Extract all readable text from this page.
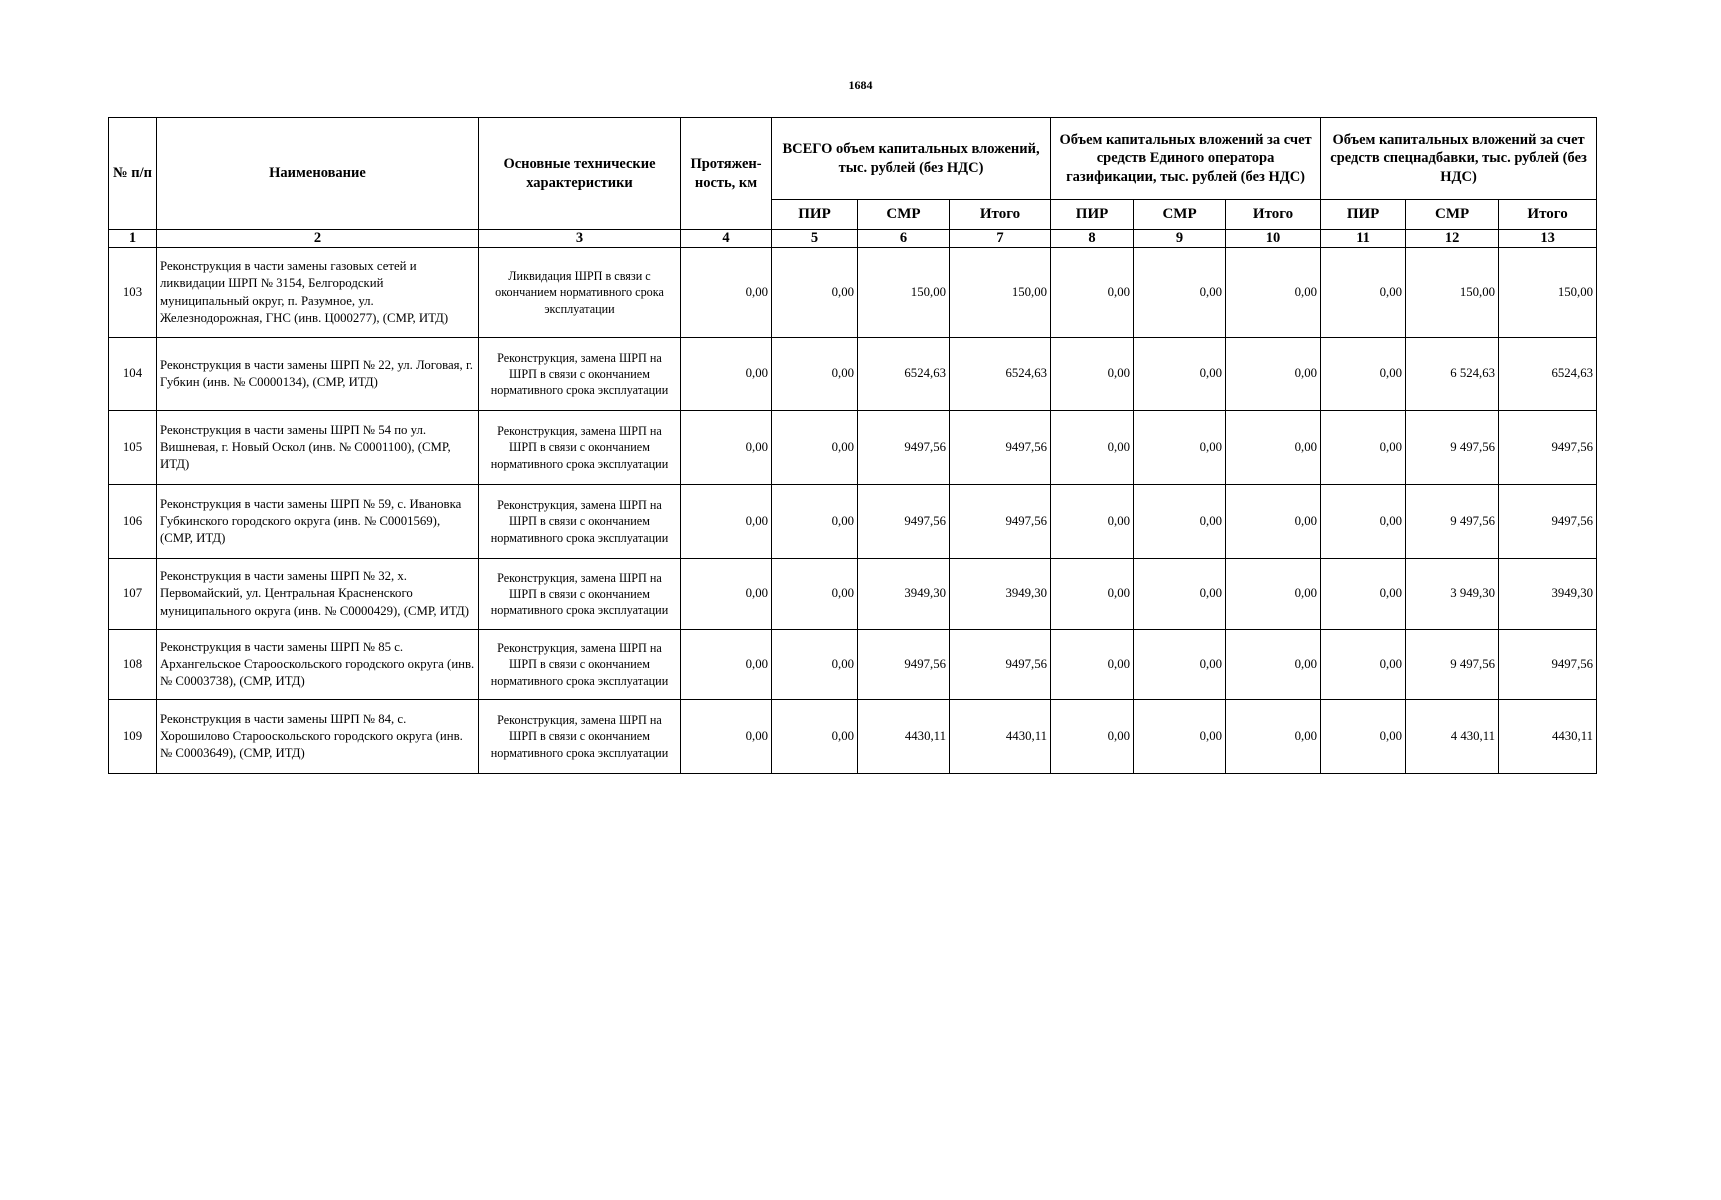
1684
№ п/п	Наименование	Основные технические характеристики	Протяжен-ность, км	ВСЕГО объем капитальных вложений, тыс. рублей (без НДС)			Объем капитальных вложений за счет средств Единого оператора газификации, тыс. рублей (без НДС)			Объем капитальных вложений за счет средств спецнадбавки, тыс. рублей (без НДС)		
				ПИР	СМР	Итого	ПИР	СМР	Итого	ПИР	СМР	Итого
1	2	3	4	5	6	7	8	9	10	11	12	13
103	Реконструкция в части замены газовых сетей и ликвидации ШРП № 3154, Белгородский муниципальный округ, п. Разумное, ул. Железнодорожная, ГНС (инв. Ц000277), (СМР, ИТД)	Ликвидация ШРП в связи с окончанием нормативного срока эксплуатации	0,00	0,00	150,00	150,00	0,00	0,00	0,00	0,00	150,00	150,00
104	Реконструкция в части замены ШРП № 22, ул. Логовая, г. Губкин (инв. № С0000134), (СМР, ИТД)	Реконструкция, замена ШРП на ШРП в связи с окончанием нормативного срока эксплуатации	0,00	0,00	6524,63	6524,63	0,00	0,00	0,00	0,00	6 524,63	6524,63
105	Реконструкция в части замены ШРП № 54 по ул. Вишневая, г. Новый Оскол (инв. № С0001100), (СМР, ИТД)	Реконструкция, замена ШРП на ШРП в связи с окончанием нормативного срока эксплуатации	0,00	0,00	9497,56	9497,56	0,00	0,00	0,00	0,00	9 497,56	9497,56
106	Реконструкция в части замены ШРП № 59, с. Ивановка Губкинского городского округа (инв. № С0001569), (СМР, ИТД)	Реконструкция, замена ШРП на ШРП в связи с окончанием нормативного срока эксплуатации	0,00	0,00	9497,56	9497,56	0,00	0,00	0,00	0,00	9 497,56	9497,56
107	Реконструкция в части замены ШРП № 32, х. Первомайский, ул. Центральная Красненского муниципального округа (инв. № С0000429), (СМР, ИТД)	Реконструкция, замена ШРП на ШРП в связи с окончанием нормативного срока эксплуатации	0,00	0,00	3949,30	3949,30	0,00	0,00	0,00	0,00	3 949,30	3949,30
108	Реконструкция в части замены ШРП № 85 с. Архангельское Старооскольского городского округа (инв. № С0003738), (СМР, ИТД)	Реконструкция, замена ШРП на ШРП в связи с окончанием нормативного срока эксплуатации	0,00	0,00	9497,56	9497,56	0,00	0,00	0,00	0,00	9 497,56	9497,56
109	Реконструкция в части замены ШРП № 84, с. Хорошилово Старооскольского городского округа (инв. № С0003649), (СМР, ИТД)	Реконструкция, замена ШРП на ШРП в связи с окончанием нормативного срока эксплуатации	0,00	0,00	4430,11	4430,11	0,00	0,00	0,00	0,00	4 430,11	4430,11
